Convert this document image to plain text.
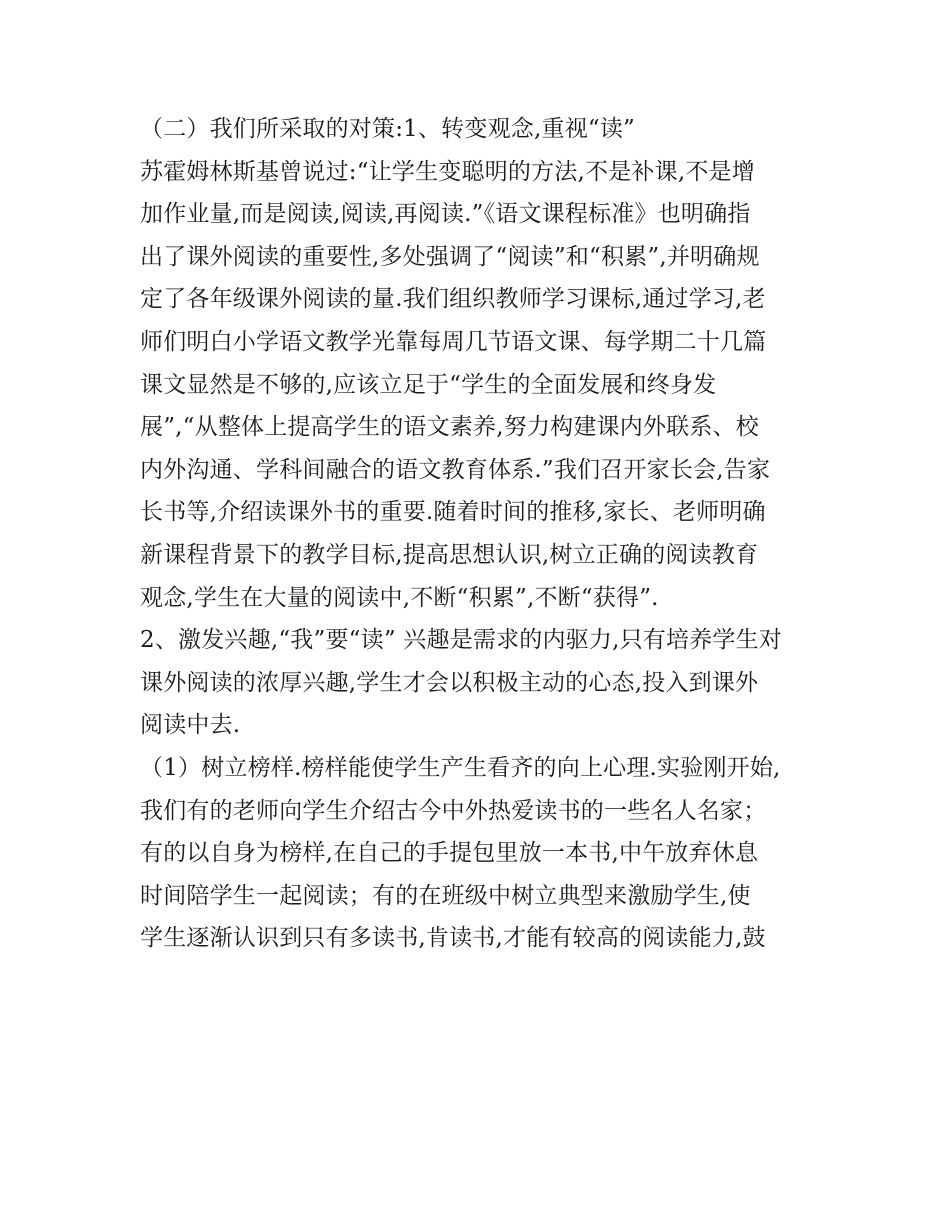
（二）我们所采取的对策:1、转变观念,重视“读”
苏霍姆林斯基曾说过:“让学生变聪明的方法,不是补课,不是增
加作业量,而是阅读,阅读,再阅读.”《语文课程标准》也明确指
出了课外阅读的重要性,多处强调了“阅读”和“积累”,并明确规
定了各年级课外阅读的量.我们组织教师学习课标,通过学习,老
师们明白小学语文教学光靠每周几节语文课、每学期二十几篇
课文显然是不够的,应该立足于“学生的全面发展和终身发
展”,“从整体上提高学生的语文素养,努力构建课内外联系、校
内外沟通、学科间融合的语文教育体系.”我们召开家长会,告家
长书等,介绍读课外书的重要.随着时间的推移,家长、老师明确
新课程背景下的教学目标,提高思想认识,树立正确的阅读教育
观念,学生在大量的阅读中,不断“积累”,不断“获得”.
2、激发兴趣,“我”要“读” 兴趣是需求的内驱力,只有培养学生对
课外阅读的浓厚兴趣,学生才会以积极主动的心态,投入到课外
阅读中去.
（1）树立榜样.榜样能使学生产生看齐的向上心理.实验刚开始,
我们有的老师向学生介绍古今中外热爱读书的一些名人名家；
有的以自身为榜样,在自己的手提包里放一本书,中午放弃休息
时间陪学生一起阅读；有的在班级中树立典型来激励学生,使
学生逐渐认识到只有多读书,肯读书,才能有较高的阅读能力,鼓
